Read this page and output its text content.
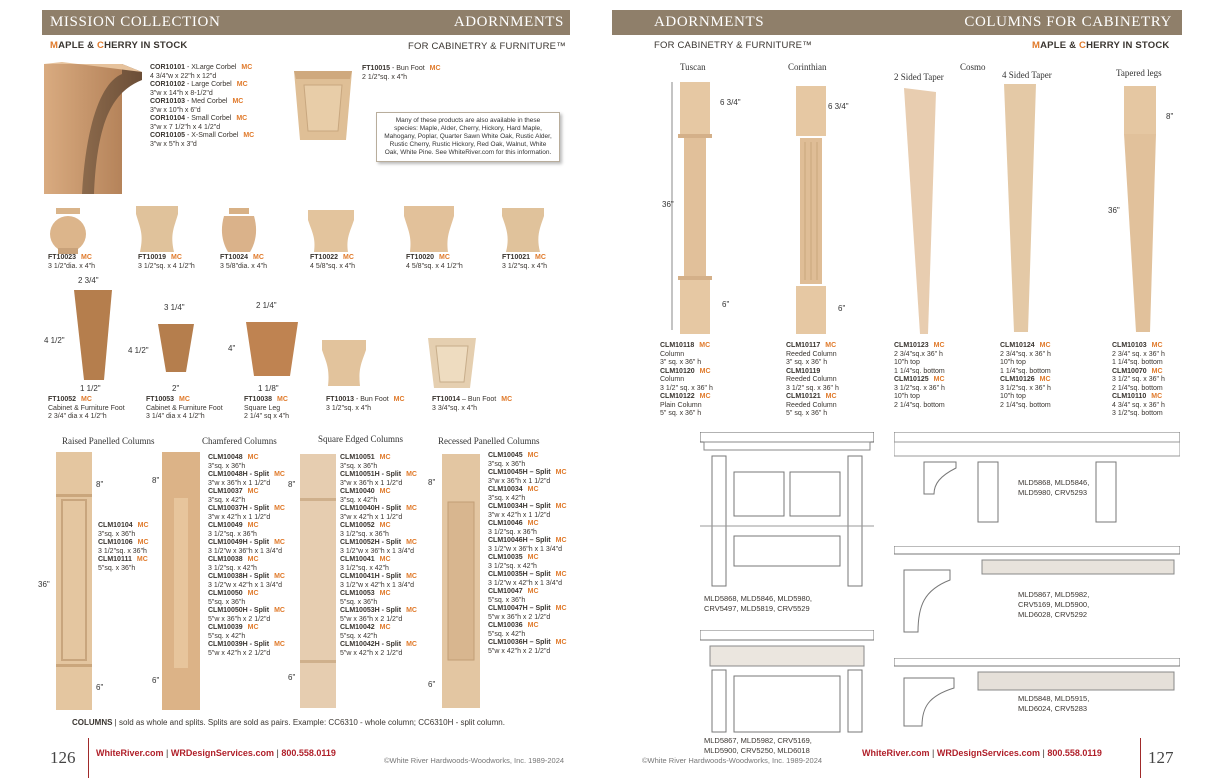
MISSION COLLECTION	ADORNMENTS
MAPLE & CHERRY IN STOCK	FOR CABINETRY & FURNITURE™
COR10101 - XLarge Corbel MC
4 3/4"w x 22"h x 12"d
COR10102 - Large Corbel MC
3"w x 14"h x 8-1/2"d
COR10103 - Med Corbel MC
3"w x 10"h x 6"d
COR10104 - Small Corbel MC
3"w x 7 1/2"h x 4 1/2"d
COR10105 - X-Small Corbel MC
3"w x 5"h x 3"d
FT10015 - Bun Foot MC
2 1/2"sq. x 4"h
Many of these products are also available in these species: Maple, Alder, Cherry, Hickory, Hard Maple, Mahogany, Poplar, Quarter Sawn White Oak, Rustic Alder, Rustic Cherry, Rustic Hickory, Red Oak, Walnut, White Oak, White Pine. See WhiteRiver.com for this information.
FT10023 MC
3 1/2"dia. x 4"h
FT10019 MC
3 1/2"sq. x 4 1/2"h
FT10024 MC
3 5/8"dia. x 4"h
FT10022 MC
4 5/8"sq. x 4"h
FT10020 MC
4 5/8"sq. x 4 1/2"h
FT10021 MC
3 1/2"sq. x 4"h
2 3/4"
4 1/2"
1 1/2"
3 1/4"
4 1/2"
2"
2 1/4"
4"
1 1/8"
FT10052 MC
Cabinet & Furniture Foot
2 3/4" dia x 4 1/2"h
FT10053 MC
Cabinet & Furniture Foot
3 1/4" dia x 4 1/2"h
FT10038 MC
Square Leg
2 1/4" sq x 4"h
FT10013 - Bun Foot MC
3 1/2"sq. x 4"h
FT10014 – Bun Foot MC
3 3/4"sq. x 4"h
Raised Panelled Columns	Chamfered Columns	Square Edged Columns	Recessed Panelled Columns
36"
8"
6"
8"
6"
8"
6"
8"
6"
CLM10104 MC
3"sq. x 36"h
CLM10106 MC
3 1/2"sq. x 36"h
CLM10111 MC
5"sq. x 36"h
CLM10048 MC
3"sq. x 36"h
CLM10048H - Split MC
3"w x 36"h x 1 1/2"d
CLM10037 MC
3"sq. x 42"h
CLM10037H - Split MC
3"w x 42"h x 1 1/2"d
CLM10049 MC
3 1/2"sq. x 36"h
CLM10049H - Split MC
3 1/2"w x 36"h x 1 3/4"d
CLM10038 MC
3 1/2"sq. x 42"h
CLM10038H - Split MC
3 1/2"w x 42"h x 1 3/4"d
CLM10050 MC
5"sq. x 36"h
CLM10050H - Split MC
5"w x 36"h x 2 1/2"d
CLM10039 MC
5"sq. x 42"h
CLM10039H - Split MC
5"w x 42"h x 2 1/2"d
CLM10051 MC
3"sq. x 36"h
CLM10051H - Split MC
3"w x 36"h x 1 1/2"d
CLM10040 MC
3"sq. x 42"h
CLM10040H - Split MC
3"w x 42"h x 1 1/2"d
CLM10052 MC
3 1/2"sq. x 36"h
CLM10052H - Split MC
3 1/2"w x 36"h x 1 3/4"d
CLM10041 MC
3 1/2"sq. x 42"h
CLM10041H - Split MC
3 1/2"w x 42"h x 1 3/4"d
CLM10053 MC
5"sq. x 36"h
CLM10053H - Split MC
5"w x 36"h x 2 1/2"d
CLM10042 MC
5"sq. x 42"h
CLM10042H - Split MC
5"w x 42"h x 2 1/2"d
CLM10045 MC
3"sq. x 36"h
CLM10045H – Split MC
3"w x 36"h x 1 1/2"d
CLM10034 MC
3"sq. x 42"h
CLM10034H – Split MC
3"w x 42"h x 1 1/2"d
CLM10046 MC
3 1/2"sq. x 36"h
CLM10046H – Split MC
3 1/2"w x 36"h x 1 3/4"d
CLM10035 MC
3 1/2"sq. x 42"h
CLM10035H – Split MC
3 1/2"w x 42"h x 1 3/4"d
CLM10047 MC
5"sq. x 36"h
CLM10047H – Split MC
5"w x 36"h x 2 1/2"d
CLM10036 MC
5"sq. x 42"h
CLM10036H – Split MC
5"w x 42"h x 2 1/2"d
COLUMNS | sold as whole and splits. Splits are sold as pairs. Example: CC6310 - whole column; CC6310H - split column.
126 WhiteRiver.com | WRDesignServices.com | 800.558.0119
©White River Hardwoods-Woodworks, Inc. 1989-2024
ADORNMENTS	COLUMNS FOR CABINETRY
FOR CABINETRY & FURNITURE™	MAPLE & CHERRY IN STOCK
Tuscan	Corinthian
2 Sided Taper
Cosmo
4 Sided Taper	Tapered legs
36"
6 3/4"
6"
6 3/4"
6"
8"
36"
CLM10118 MC
Column
3" sq. x 36" h
CLM10120 MC
Column
3 1/2" sq. x 36" h
CLM10122 MC
Plain Column
5" sq. x 36" h
CLM10117 MC
Reeded Column
3" sq. x 36" h
CLM10119
Reeded Column
3 1/2" sq. x 36" h
CLM10121 MC
Reeded Column
5" sq. x 36" h
CLM10123 MC
2 3/4"sq.x 36" h
10"h top
1 1/4"sq. bottom
CLM10125 MC
3 1/2"sq. x 36" h
10"h top
2 1/4"sq. bottom
CLM10124 MC
2 3/4"sq. x 36" h
10"h top
1 1/4"sq. bottom
CLM10126 MC
3 1/2"sq. x 36" h
10"h top
2 1/4"sq. bottom
CLM10103 MC
2 3/4" sq. x 36" h
1 1/4"sq. bottom
CLM10070 MC
3 1/2" sq. x 36" h
2 1/4"sq. bottom
CLM10110 MC
4 3/4" sq. x 36" h
3 1/2"sq. bottom
MLD5868, MLD5846, MLD5980,
CRV5497, MLD5819, CRV5529
MLD5868, MLD5846,
MLD5980, CRV5293
MLD5867, MLD5982,
CRV5169, MLD5900,
MLD6028, CRV5292
MLD5867, MLD5982, CRV5169,
MLD5900, CRV5250, MLD6018
MLD5848, MLD5915,
MLD6024, CRV5283
©White River Hardwoods-Woodworks, Inc. 1989-2024
WhiteRiver.com | WRDesignServices.com | 800.558.0119	127
